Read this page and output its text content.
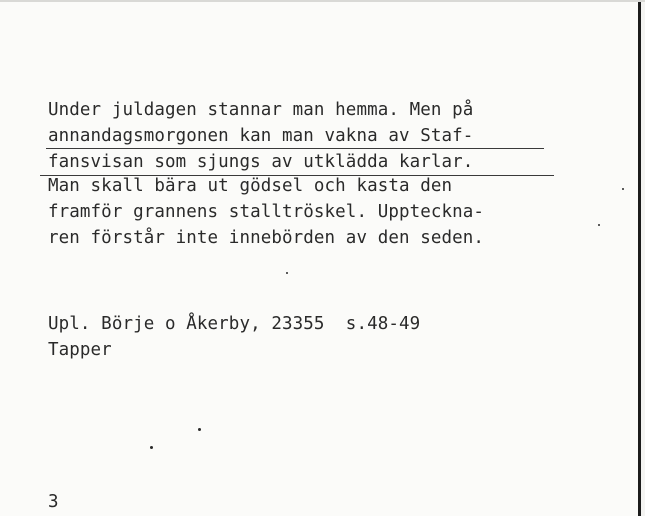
Under juldagen stannar man hemma. Men på
annandagsmorgonen kan man vakna av Staf-
fansvisan som sjungs av utklädda karlar.
Man skall bära ut gödsel och kasta den
framför grannens stalltröskel. Uppteckna-
ren förstår inte innebörden av den seden.
Upl. Börje o Åkerby, 23355  s.48-49
Tapper
3
